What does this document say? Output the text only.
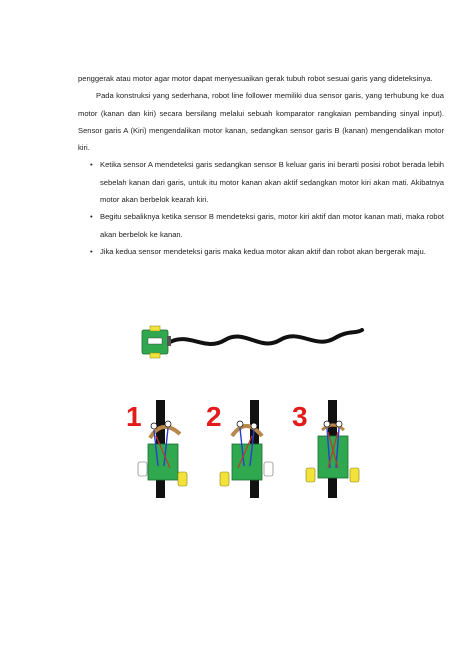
penggerak atau motor agar motor dapat menyesuaikan gerak tubuh robot sesuai garis yang dideteksinya.

Pada konstruksi yang sederhana, robot line follower memiliki dua sensor garis, yang terhubung ke dua motor (kanan dan kiri) secara bersilang melalui sebuah komparator rangkaian pembanding sinyal input). Sensor garis A (Kiri) mengendalikan motor kanan, sedangkan sensor garis B (kanan) mengendalikan motor kiri.

• Ketika sensor A mendeteksi garis sedangkan sensor B keluar garis ini berarti posisi robot berada lebih sebelah kanan dari garis, untuk itu motor kanan akan aktif sedangkan motor kiri akan mati. Akibatnya motor akan berbelok kearah kiri.
• Begitu sebaliknya ketika sensor B mendeteksi garis, motor kiri aktif dan motor kanan mati, maka robot akan berbelok ke kanan.
• Jika kedua sensor mendeteksi garis maka kedua motor akan aktif dan robot akan bergerak maju.
1 2	3
